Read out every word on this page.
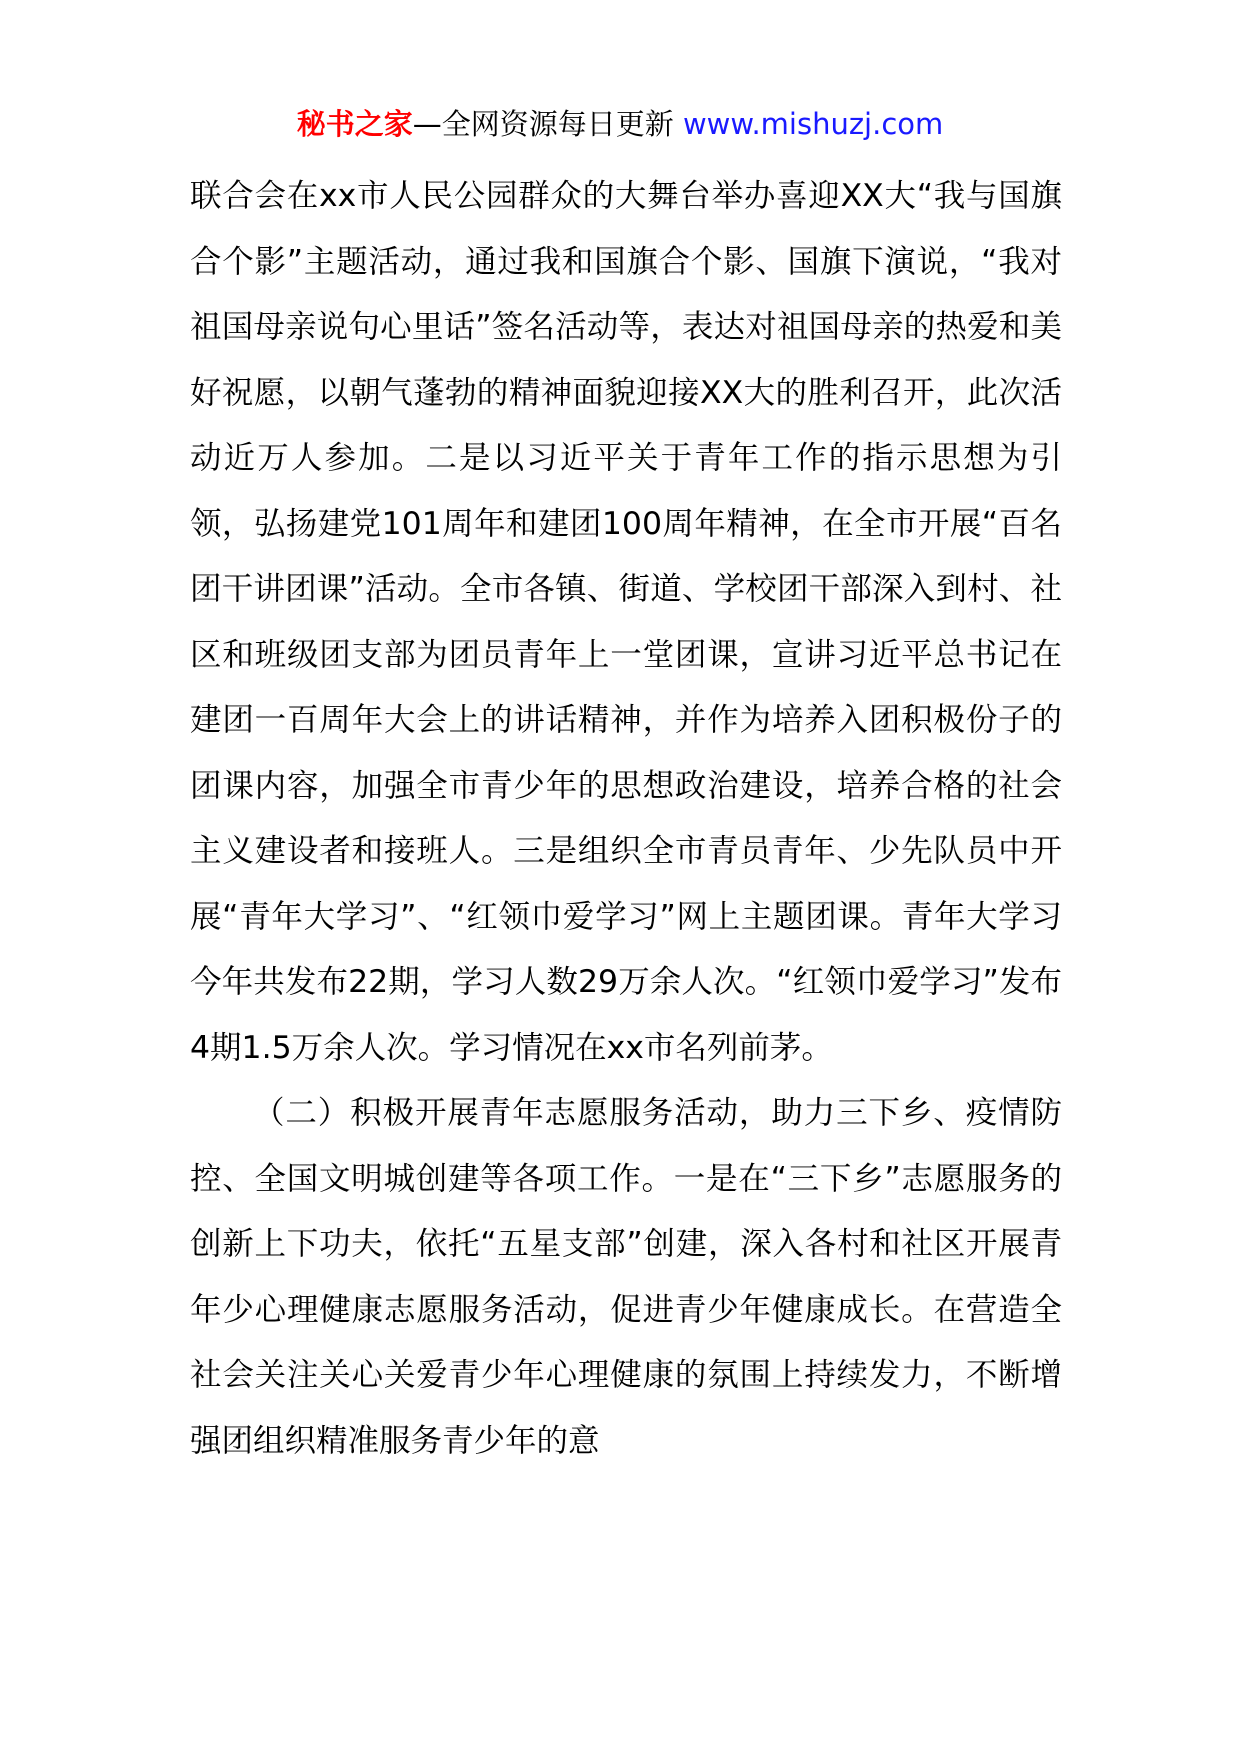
秘书之家—全网资源每日更新 www.mishuzj.com

联合会在xx市人民公园群众的大舞台举办喜迎XX大“我与国旗合个影”主题活动，通过我和国旗合个影、国旗下演说，“我对祖国母亲说句心里话”签名活动等，表达对祖国母亲的热爱和美好祝愿，以朝气蓬勃的精神面貌迎接XX大的胜利召开，此次活动近万人参加。二是以习近平关于青年工作的指示思想为引领，弘扬建党101周年和建团100周年精神，在全市开展“百名团干讲团课”活动。全市各镇、街道、学校团干部深入到村、社区和班级团支部为团员青年上一堂团课，宣讲习近平总书记在建团一百周年大会上的讲话精神，并作为培养入团积极份子的团课内容，加强全市青少年的思想政治建设，培养合格的社会主义建设者和接班人。三是组织全市青员青年、少先队员中开展“青年大学习”、“红领巾爱学习”网上主题团课。青年大学习今年共发布22期，学习人数29万余人次。“红领巾爱学习”发布4期1.5万余人次。学习情况在xx市名列前茅。

（二）积极开展青年志愿服务活动，助力三下乡、疫情防控、全国文明城创建等各项工作。一是在“三下乡”志愿服务的创新上下功夫，依托“五星支部”创建，深入各村和社区开展青年少心理健康志愿服务活动，促进青少年健康成长。在营造全社会关注关心关爱青少年心理健康的氛围上持续发力，不断增强团组织精准服务青少年的意
